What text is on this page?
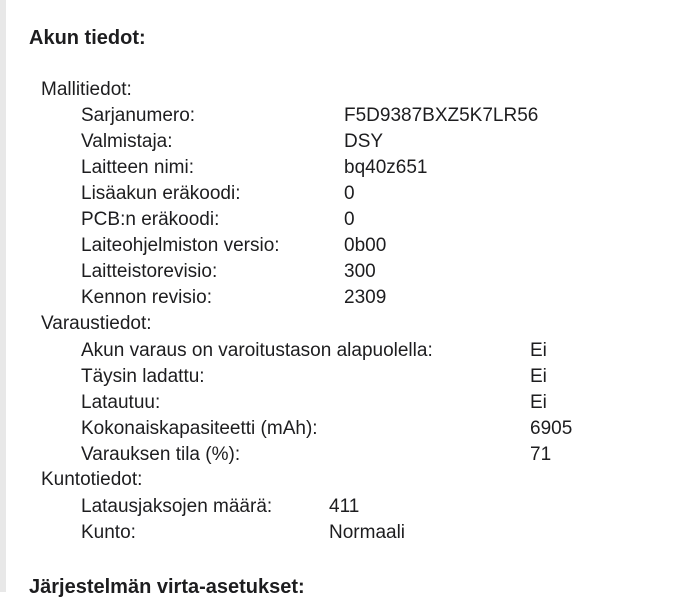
Akun tiedot:
Mallitiedot:
Sarjanumero:	F5D9387BXZ5K7LR56
Valmistaja:	DSY
Laitteen nimi:	bq40z651
Lisäakun eräkoodi:	0
PCB:n eräkoodi:	0
Laiteohjelmiston versio:	0b00
Laitteistorevisio:	300
Kennon revisio:	2309
Varaustiedot:
Akun varaus on varoitustason alapuolella:	Ei
Täysin ladattu:	Ei
Latautuu:	Ei
Kokonaiskapasiteetti (mAh):	6905
Varauksen tila (%):	71
Kuntotiedot:
Latausjaksojen määrä:	411
Kunto:	Normaali
Järjestelmän virta-asetukset:
